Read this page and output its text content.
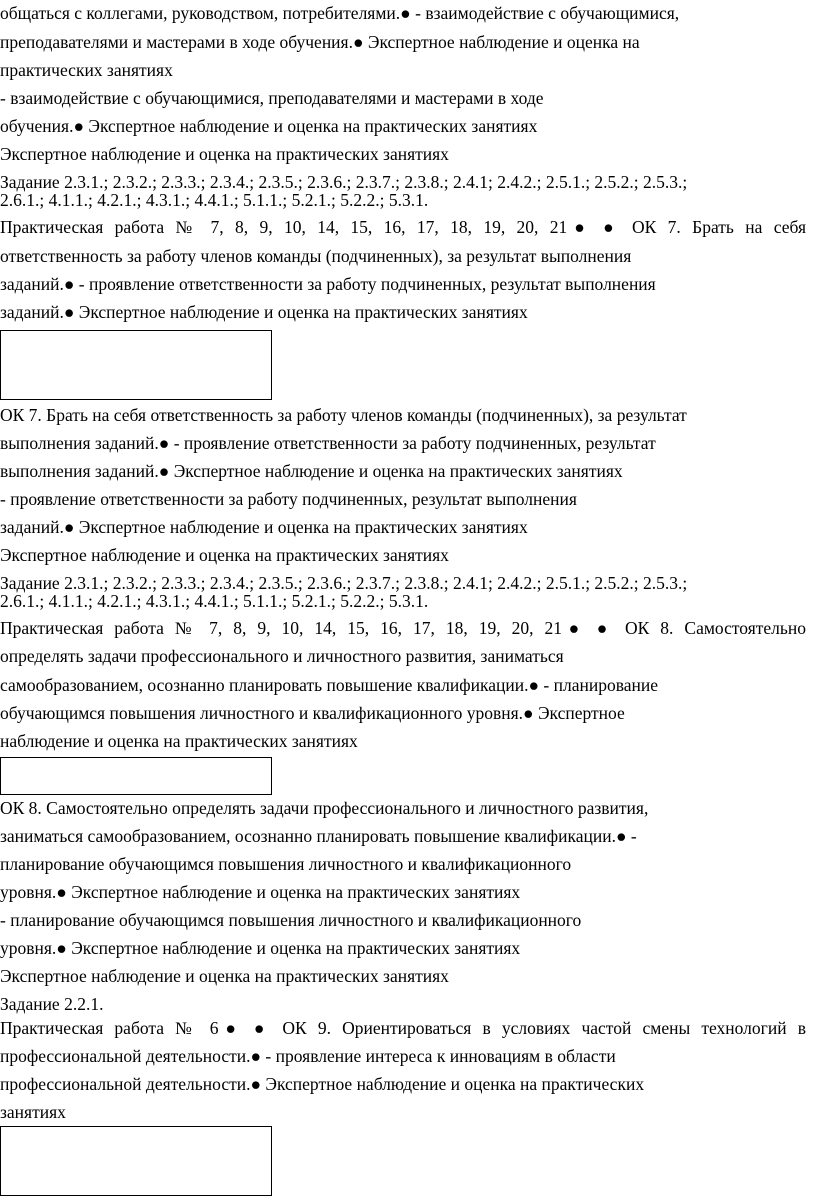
общаться с коллегами, руководством, потребителями.● - взаимодействие с обучающимися,
преподавателями и мастерами в ходе обучения.● Экспертное наблюдение и оценка на
практических занятиях
- взаимодействие с обучающимися, преподавателями и мастерами в ходе
обучения.● Экспертное наблюдение и оценка на практических занятиях
Экспертное наблюдение и оценка на практических занятиях
Задание 2.3.1.; 2.3.2.; 2.3.3.; 2.3.4.; 2.3.5.; 2.3.6.; 2.3.7.; 2.3.8.; 2.4.1; 2.4.2.; 2.5.1.; 2.5.2.; 2.5.3.;
2.6.1.; 4.1.1.; 4.2.1.; 4.3.1.; 4.4.1.; 5.1.1.; 5.2.1.; 5.2.2.; 5.3.1.
Практическая работа № 7, 8, 9, 10, 14, 15, 16, 17, 18, 19, 20, 21● ● ОК 7. Брать на себя
ответственность за работу членов команды (подчиненных), за результат выполнения
заданий.● - проявление ответственности за работу подчиненных, результат выполнения
заданий.● Экспертное наблюдение и оценка на практических занятиях
ОК 7. Брать на себя ответственность за работу членов команды (подчиненных), за результат
выполнения заданий.● - проявление ответственности за работу подчиненных, результат
выполнения заданий.● Экспертное наблюдение и оценка на практических занятиях
- проявление ответственности за работу подчиненных, результат выполнения
заданий.● Экспертное наблюдение и оценка на практических занятиях
Экспертное наблюдение и оценка на практических занятиях
Задание 2.3.1.; 2.3.2.; 2.3.3.; 2.3.4.; 2.3.5.; 2.3.6.; 2.3.7.; 2.3.8.; 2.4.1; 2.4.2.; 2.5.1.; 2.5.2.; 2.5.3.;
2.6.1.; 4.1.1.; 4.2.1.; 4.3.1.; 4.4.1.; 5.1.1.; 5.2.1.; 5.2.2.; 5.3.1.
Практическая работа № 7, 8, 9, 10, 14, 15, 16, 17, 18, 19, 20, 21● ● ОК 8. Самостоятельно
определять задачи профессионального и личностного развития, заниматься
самообразованием, осознанно планировать повышение квалификации.● - планирование
обучающимся повышения личностного и квалификационного уровня.● Экспертное
наблюдение и оценка на практических занятиях
ОК 8. Самостоятельно определять задачи профессионального и личностного развития,
заниматься самообразованием, осознанно планировать повышение квалификации.● -
планирование обучающимся повышения личностного и квалификационного
уровня.● Экспертное наблюдение и оценка на практических занятиях
- планирование обучающимся повышения личностного и квалификационного
уровня.● Экспертное наблюдение и оценка на практических занятиях
Экспертное наблюдение и оценка на практических занятиях
Задание 2.2.1.
Практическая работа № 6● ● ОК 9. Ориентироваться в условиях частой смены технологий в
профессиональной деятельности.● - проявление интереса к инновациям в области
профессиональной деятельности.● Экспертное наблюдение и оценка на практических
занятиях
